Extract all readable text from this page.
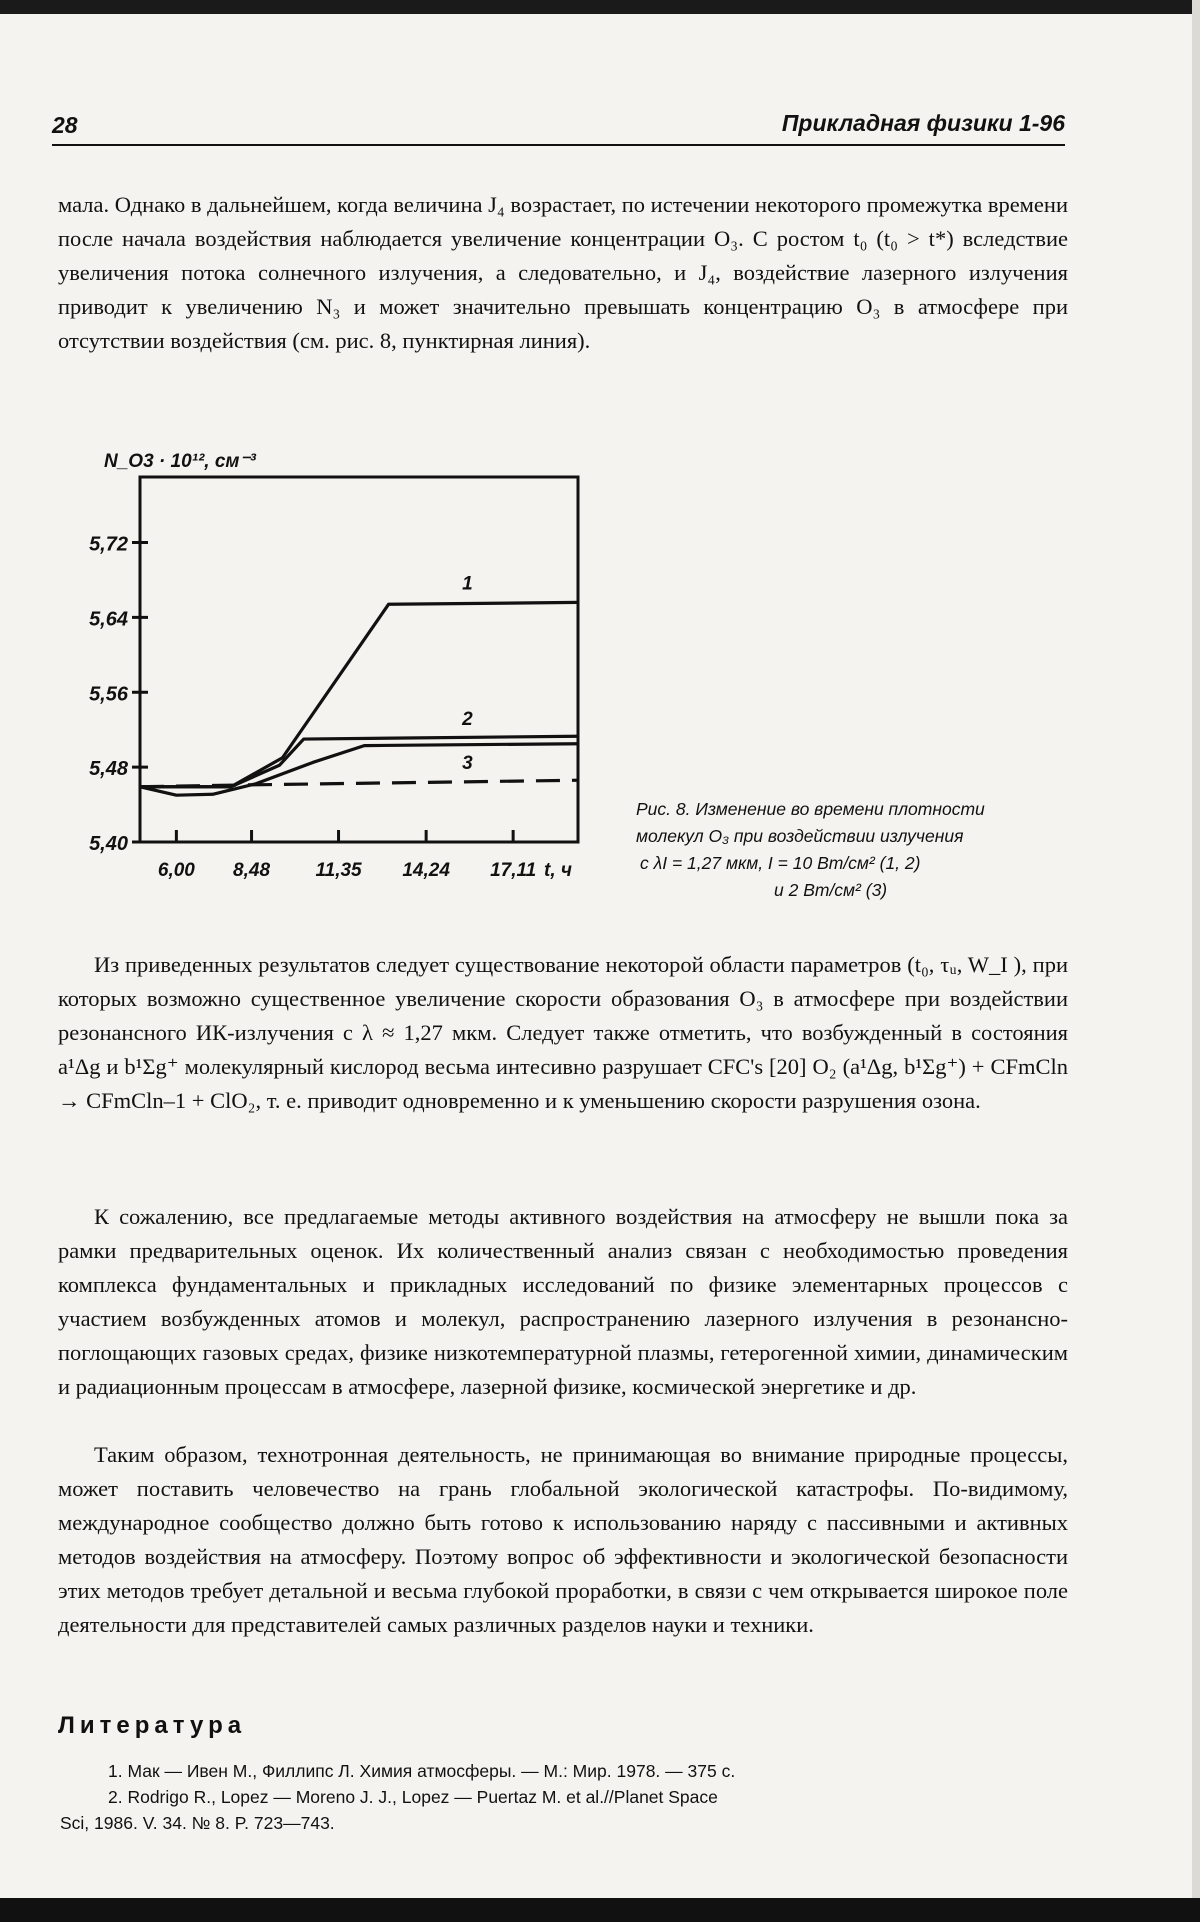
28	Прикладная физики 1-96

мала. Однако в дальнейшем, когда величина J₄ возрастает, по истечении некоторого промежутка времени после начала воздействия наблюдается увеличение концентрации O₃. С ростом t₀ (t₀ > t*) вследствие увеличения потока солнечного излучения, а следовательно, и J₄, воздействие лазерного излучения приводит к увеличению N₃ и может значительно превышать концентрацию O₃ в атмосфере при отсутствии воздействия (см. рис. 8, пунктирная линия).

5,40
5,48
5,56
5,64
5,72
6,00 8,48 11,35 14,24 17,11 t, ч
N_O3 · 10¹², см⁻³
1
2
3
Рис. 8. Изменение во времени плотности
молекул O₃ при воздействии излучения
с λI = 1,27 мкм, I = 10 Вт/см² (1, 2)
и 2 Вт/см² (3)

Из приведенных результатов следует существование некоторой области параметров (t₀, τᵤ, W_I ), при которых возможно существенное увеличение скорости образования O₃ в атмосфере при воздействии резонансного ИК-излучения с λ ≈ 1,27 мкм. Следует также отметить, что возбужденный в состояния a¹Δg и b¹Σg⁺ молекулярный кислород весьма интесивно разрушает CFC's [20] O₂ (a¹Δg, b¹Σg⁺) + CFmCln → CFmCln–1 + ClO₂, т. е. приводит одновременно и к уменьшению скорости разрушения озона.

К сожалению, все предлагаемые методы активного воздействия на атмосферу не вышли пока за рамки предварительных оценок. Их количественный анализ связан с необходимостью проведения комплекса фундаментальных и прикладных исследований по физике элементарных процессов с участием возбужденных атомов и молекул, распространению лазерного излучения в резонансно-поглощающих газовых средах, физике низкотемпературной плазмы, гетерогенной химии, динамическим и радиационным процессам в атмосфере, лазерной физике, космической энергетике и др.

Таким образом, технотронная деятельность, не принимающая во внимание природные процессы, может поставить человечество на грань глобальной экологической катастрофы. По-видимому, международное сообщество должно быть готово к использованию наряду с пассивными и активных методов воздействия на атмосферу. Поэтому вопрос об эффективности и экологической безопасности этих методов требует детальной и весьма глубокой проработки, в связи с чем открывается широкое поле деятельности для представителей самых различных разделов науки и техники.

Литература
1. Мак — Ивен М., Филлипс Л. Химия атмосферы. — М.: Мир. 1978. — 375 с.
2. Rodrigo R., Lopez — Moreno J. J., Lopez — Puertaz M. et al.//Planet Space
Sci, 1986. V. 34. № 8. P. 723—743.
